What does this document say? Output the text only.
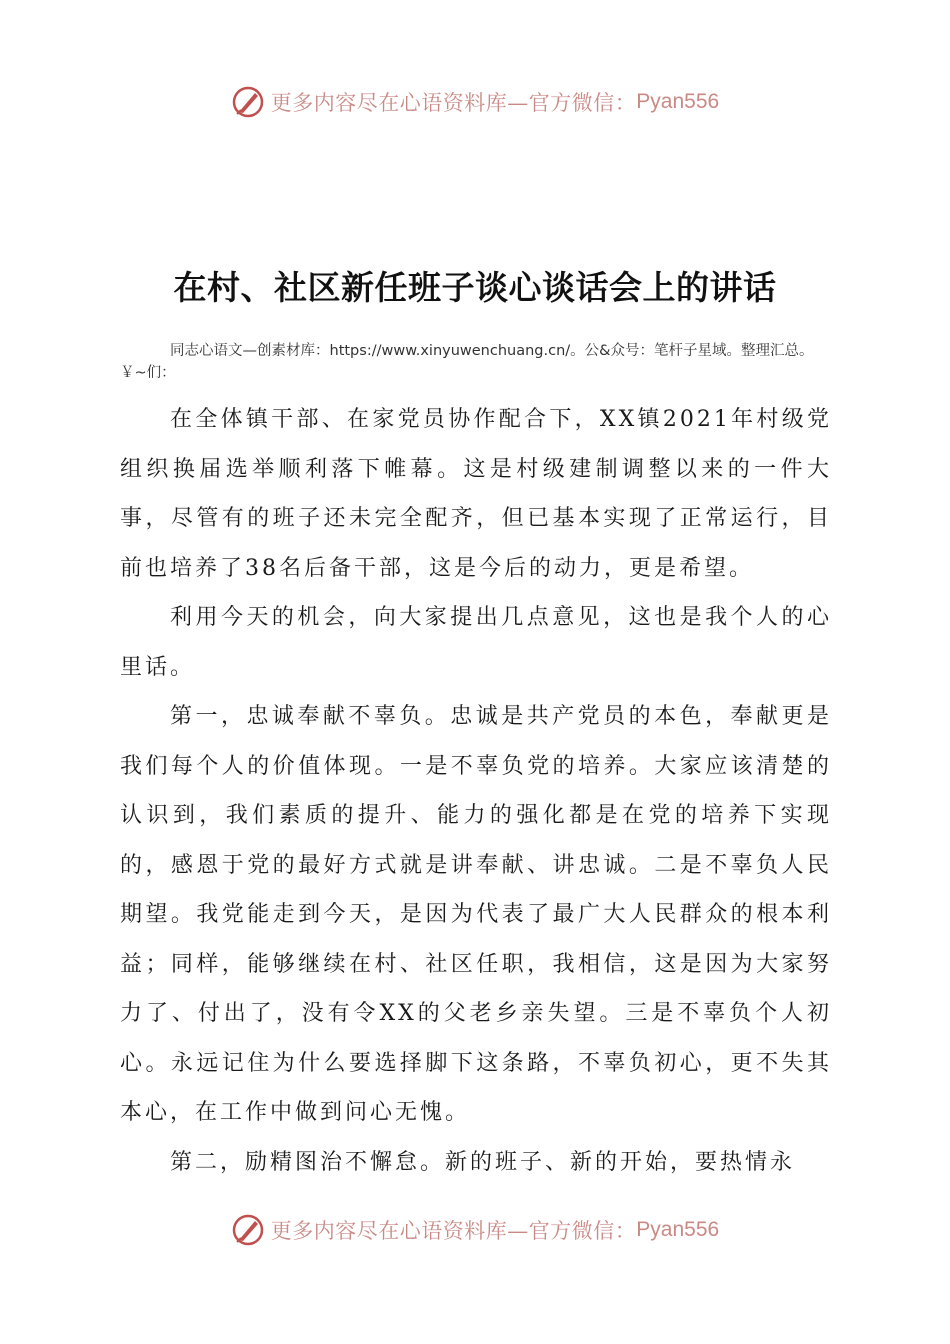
更多内容尽在心语资料库—官方微信： Pyan556
在村、社区新任班子谈心谈话会上的讲话
同志心语文—创素材库：https://www.xinyuwenchuang.cn/。公&众号：笔杆子星域。整理汇总。￥~们：

在全体镇干部、在家党员协作配合下，XX镇2021年村级党组织换届选举顺利落下帷幕。这是村级建制调整以来的一件大事，尽管有的班子还未完全配齐，但已基本实现了正常运行，目前也培养了38名后备干部，这是今后的动力，更是希望。

利用今天的机会，向大家提出几点意见，这也是我个人的心里话。

第一，忠诚奉献不辜负。忠诚是共产党员的本色，奉献更是我们每个人的价值体现。一是不辜负党的培养。大家应该清楚的认识到，我们素质的提升、能力的强化都是在党的培养下实现的，感恩于党的最好方式就是讲奉献、讲忠诚。二是不辜负人民期望。我党能走到今天，是因为代表了最广大人民群众的根本利益；同样，能够继续在村、社区任职，我相信，这是因为大家努力了、付出了，没有令XX的父老乡亲失望。三是不辜负个人初心。永远记住为什么要选择脚下这条路，不辜负初心，更不失其本心，在工作中做到问心无愧。

第二，励精图治不懈怠。新的班子、新的开始，要热情永

更多内容尽在心语资料库—官方微信： Pyan556
